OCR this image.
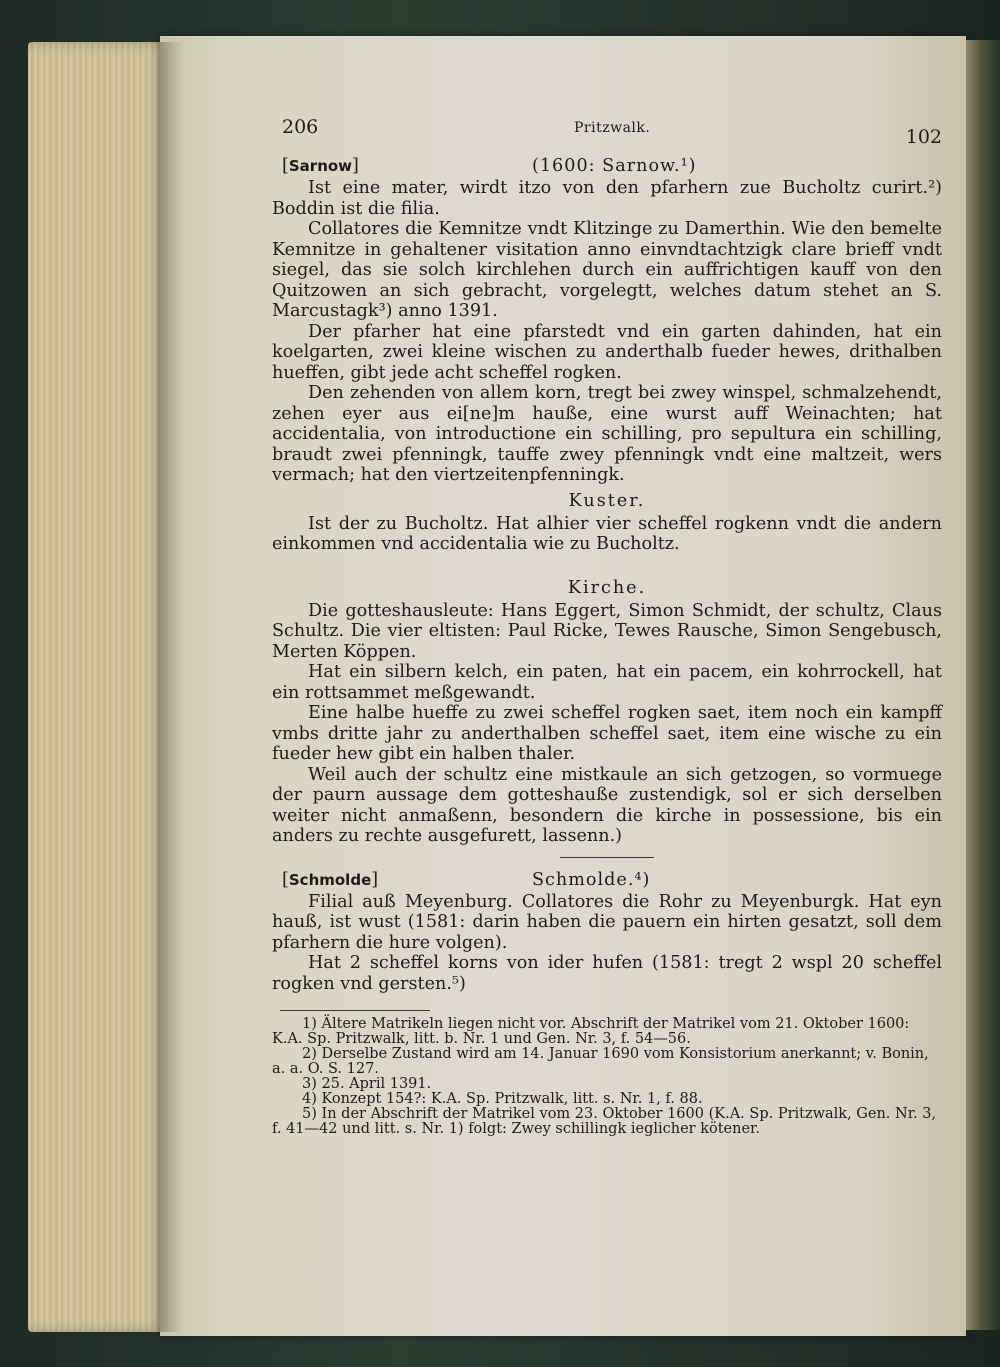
206	Pritzwalk.	102
[Sarnow]	(1600: Sarnow.¹)

Ist eine mater, wirdt itzo von den pfarhern zue Bucholtz curirt.²) Boddin ist die filia.

Collatores die Kemnitze vndt Klitzinge zu Damerthin. Wie den bemelte Kemnitze in gehaltener visitation anno einvndtachtzigk clare brieff vndt siegel, das sie solch kirchlehen durch ein auffrichtigen kauff von den Quitzowen an sich gebracht, vorgelegtt, welches datum stehet an S. Marcustagk³) anno 1391.

Der pfarher hat eine pfarstedt vnd ein garten dahinden, hat ein koelgarten, zwei kleine wischen zu anderthalb fueder hewes, drithalben hueffen, gibt jede acht scheffel rogken.

Den zehenden von allem korn, tregt bei zwey winspel, schmalzehendt, zehen eyer aus ei[ne]m hauße, eine wurst auff Weinachten; hat accidentalia, von introductione ein schilling, pro sepultura ein schilling, braudt zwei pfenningk, tauffe zwey pfenningk vndt eine maltzeit, wers vermach; hat den viertzeitenpfenningk.

Kuster.

Ist der zu Bucholtz. Hat alhier vier scheffel rogkenn vndt die andern einkommen vnd accidentalia wie zu Bucholtz.

Kirche.

Die gotteshausleute: Hans Eggert, Simon Schmidt, der schultz, Claus Schultz. Die vier eltisten: Paul Ricke, Tewes Rausche, Simon Sengebusch, Merten Köppen.

Hat ein silbern kelch, ein paten, hat ein pacem, ein kohrrockell, hat ein rottsammet meßgewandt.

Eine halbe hueffe zu zwei scheffel rogken saet, item noch ein kampff vmbs dritte jahr zu anderthalben scheffel saet, item eine wische zu ein fueder hew gibt ein halben thaler.

Weil auch der schultz eine mistkaule an sich getzogen, so vormuege der paurn aussage dem gotteshauße zustendigk, sol er sich derselben weiter nicht anmaßenn, besondern die kirche in possessione, bis ein anders zu rechte ausgefurett, lassenn.)

[Schmolde]	Schmolde.⁴)

Filial auß Meyenburg. Collatores die Rohr zu Meyenburgk. Hat eyn hauß, ist wust (1581: darin haben die pauern ein hirten gesatzt, soll dem pfarhern die hure volgen).

Hat 2 scheffel korns von ider hufen (1581: tregt 2 wspl 20 scheffel rogken vnd gersten.⁵)

1) Ältere Matrikeln liegen nicht vor. Abschrift der Matrikel vom 21. Oktober 1600: K.A. Sp. Pritzwalk, litt. b. Nr. 1 und Gen. Nr. 3, f. 54—56.

2) Derselbe Zustand wird am 14. Januar 1690 vom Konsistorium anerkannt; v. Bonin, a. a. O. S. 127.

3) 25. April 1391.

4) Konzept 154?: K.A. Sp. Pritzwalk, litt. s. Nr. 1, f. 88.

5) In der Abschrift der Matrikel vom 23. Oktober 1600 (K.A. Sp. Pritzwalk, Gen. Nr. 3, f. 41—42 und litt. s. Nr. 1) folgt: Zwey schillingk ieglicher kötener.
